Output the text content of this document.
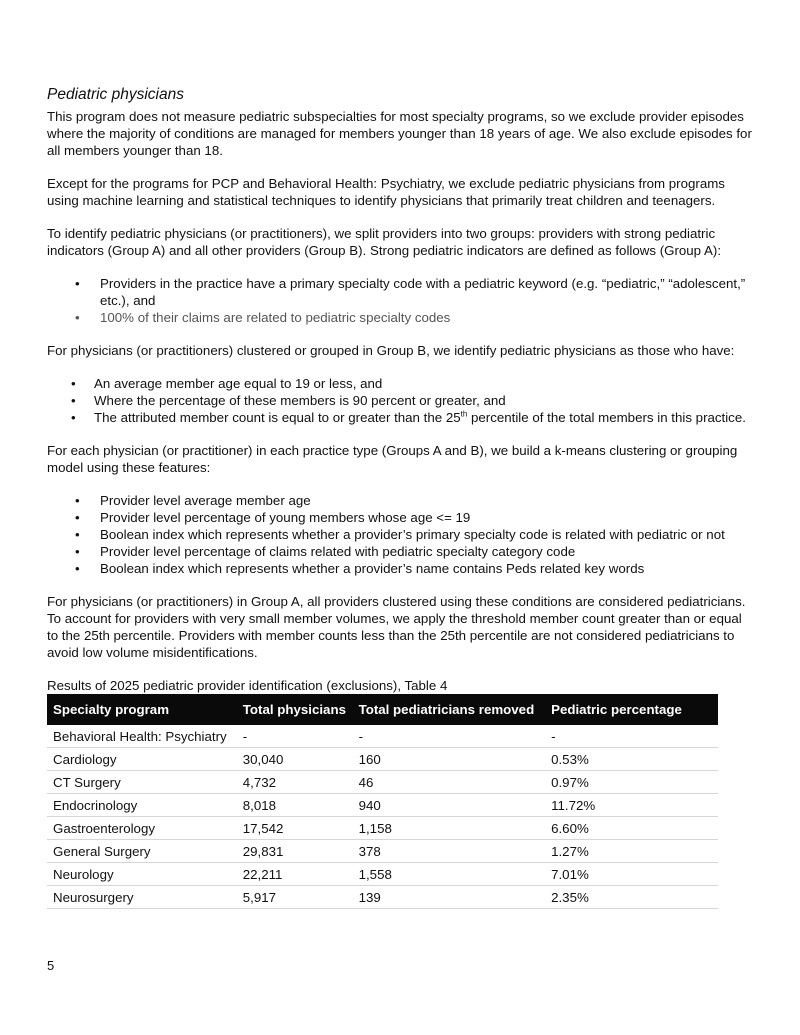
Pediatric physicians

This program does not measure pediatric subspecialties for most specialty programs, so we exclude provider episodes where the majority of conditions are managed for members younger than 18 years of age. We also exclude episodes for all members younger than 18.

Except for the programs for PCP and Behavioral Health: Psychiatry, we exclude pediatric physicians from programs using machine learning and statistical techniques to identify physicians that primarily treat children and teenagers.

To identify pediatric physicians (or practitioners), we split providers into two groups: providers with strong pediatric indicators (Group A) and all other providers (Group B). Strong pediatric indicators are defined as follows (Group A):

• Providers in the practice have a primary specialty code with a pediatric keyword (e.g. “pediatric,” “adolescent,” etc.), and
• 100% of their claims are related to pediatric specialty codes

For physicians (or practitioners) clustered or grouped in Group B, we identify pediatric physicians as those who have:

• An average member age equal to 19 or less, and
• Where the percentage of these members is 90 percent or greater, and
• The attributed member count is equal to or greater than the 25th percentile of the total members in this practice.

For each physician (or practitioner) in each practice type (Groups A and B), we build a k-means clustering or grouping model using these features:

• Provider level average member age
• Provider level percentage of young members whose age <= 19
• Boolean index which represents whether a provider’s primary specialty code is related with pediatric or not
• Provider level percentage of claims related with pediatric specialty category code
• Boolean index which represents whether a provider’s name contains Peds related key words

For physicians (or practitioners) in Group A, all providers clustered using these conditions are considered pediatricians. To account for providers with very small member volumes, we apply the threshold member count greater than or equal to the 25th percentile. Providers with member counts less than the 25th percentile are not considered pediatricians to avoid low volume misidentifications.

Results of 2025 pediatric provider identification (exclusions), Table 4
Specialty program	Total physicians	Total pediatricians removed	Pediatric percentage
Behavioral Health: Psychiatry	-	-	-
Cardiology	30,040	160	0.53%
CT Surgery	4,732	46	0.97%
Endocrinology	8,018	940	11.72%
Gastroenterology	17,542	1,158	6.60%
General Surgery	29,831	378	1.27%
Neurology	22,211	1,558	7.01%
Neurosurgery	5,917	139	2.35%
5
